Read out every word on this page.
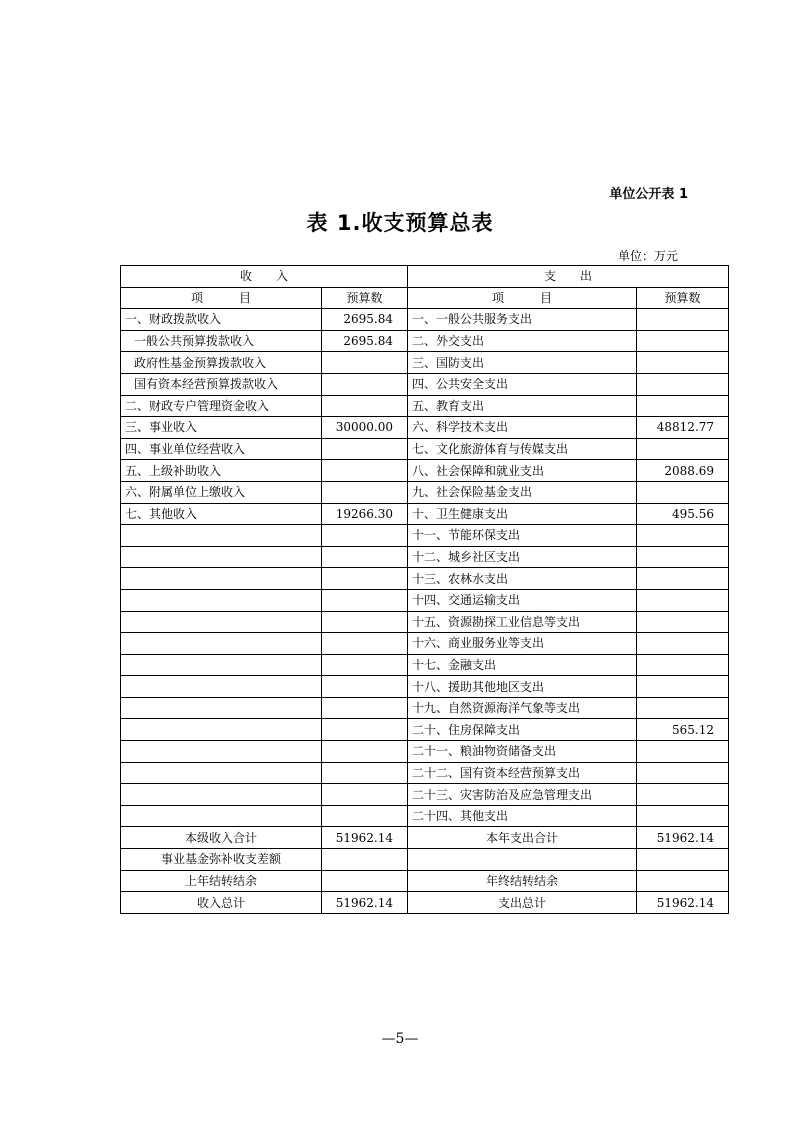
单位公开表 1
表 1.收支预算总表
单位：万元
收　　入		支　　出	
项　　　目	预算数	项　　　目	预算数
一、财政拨款收入	2695.84	一、一般公共服务支出	
一般公共预算拨款收入	2695.84	二、外交支出	
政府性基金预算拨款收入		三、国防支出	
国有资本经营预算拨款收入		四、公共安全支出	
二、财政专户管理资金收入		五、教育支出	
三、事业收入	30000.00	六、科学技术支出	48812.77
四、事业单位经营收入		七、文化旅游体育与传媒支出	
五、上级补助收入		八、社会保障和就业支出	2088.69
六、附属单位上缴收入		九、社会保险基金支出	
七、其他收入	19266.30	十、卫生健康支出	495.56
		十一、节能环保支出	
		十二、城乡社区支出	
		十三、农林水支出	
		十四、交通运输支出	
		十五、资源勘探工业信息等支出	
		十六、商业服务业等支出	
		十七、金融支出	
		十八、援助其他地区支出	
		十九、自然资源海洋气象等支出	
		二十、住房保障支出	565.12
		二十一、粮油物资储备支出	
		二十二、国有资本经营预算支出	
		二十三、灾害防治及应急管理支出	
		二十四、其他支出	
本级收入合计	51962.14	本年支出合计	51962.14
事业基金弥补收支差额			
上年结转结余		年终结转结余	
收入总计	51962.14	支出总计	51962.14
—5—
